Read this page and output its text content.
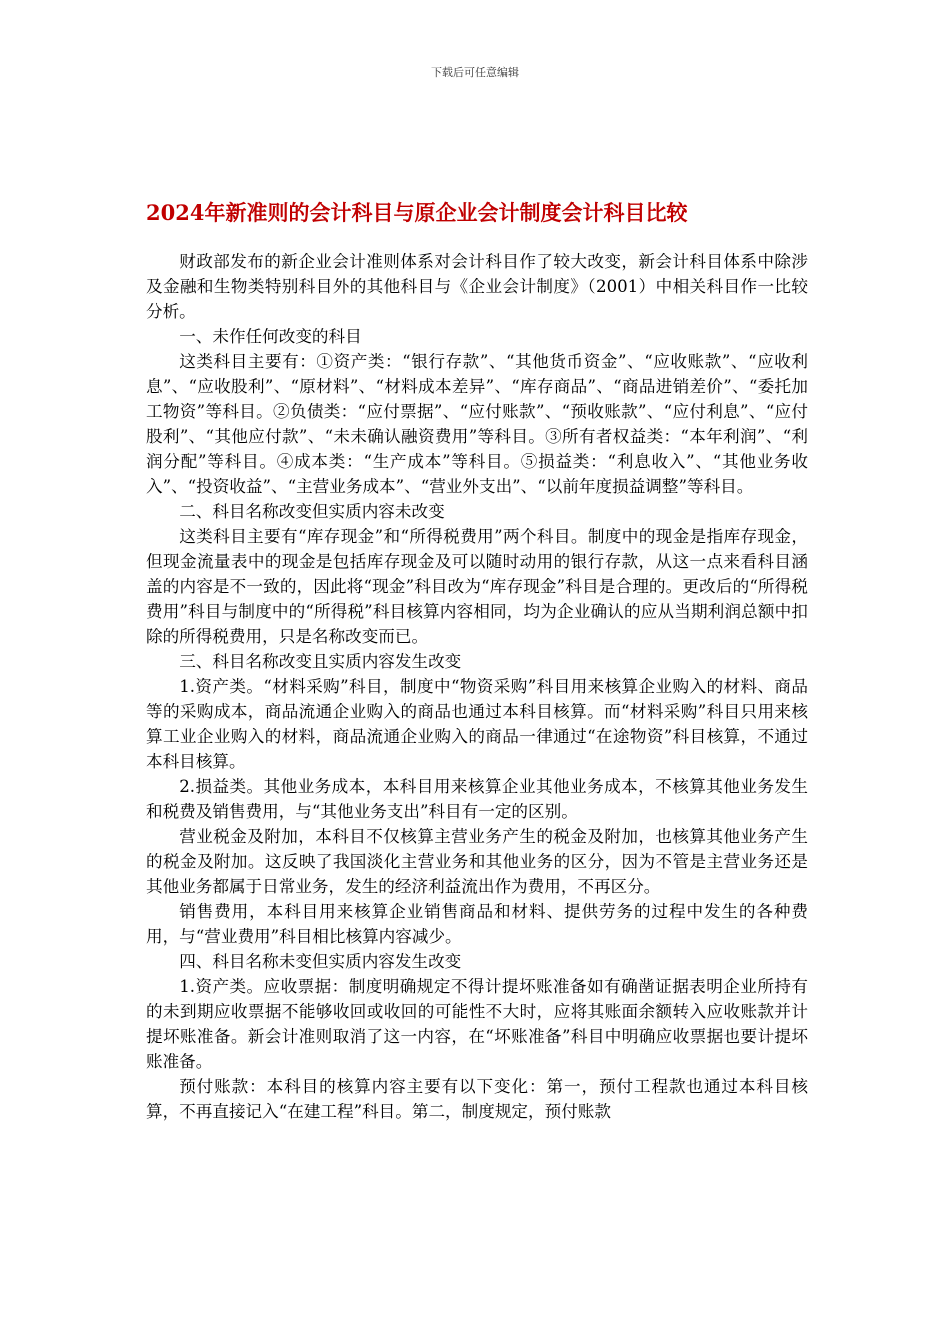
下载后可任意编辑
2024年新准则的会计科目与原企业会计制度会计科目比较

财政部发布的新企业会计准则体系对会计科目作了较大改变，新会计科目体系中除涉及金融和生物类特别科目外的其他科目与《企业会计制度》（2001）中相关科目作一比较分析。

一、未作任何改变的科目

这类科目主要有：①资产类：“银行存款”、“其他货币资金”、“应收账款”、“应收利息”、“应收股利”、“原材料”、“材料成本差异”、“库存商品”、“商品进销差价”、“委托加工物资”等科目。②负债类：“应付票据”、“应付账款”、“预收账款”、“应付利息”、“应付股利”、“其他应付款”、“未未确认融资费用”等科目。③所有者权益类：“本年利润”、“利润分配”等科目。④成本类：“生产成本”等科目。⑤损益类：“利息收入”、“其他业务收入”、“投资收益”、“主营业务成本”、“营业外支出”、“以前年度损益调整”等科目。

二、科目名称改变但实质内容未改变

这类科目主要有“库存现金”和“所得税费用”两个科目。制度中的现金是指库存现金，但现金流量表中的现金是包括库存现金及可以随时动用的银行存款，从这一点来看科目涵盖的内容是不一致的，因此将“现金”科目改为“库存现金”科目是合理的。更改后的“所得税费用”科目与制度中的“所得税”科目核算内容相同，均为企业确认的应从当期利润总额中扣除的所得税费用，只是名称改变而已。

三、科目名称改变且实质内容发生改变

1.资产类。“材料采购”科目，制度中“物资采购”科目用来核算企业购入的材料、商品等的采购成本，商品流通企业购入的商品也通过本科目核算。而“材料采购”科目只用来核算工业企业购入的材料，商品流通企业购入的商品一律通过“在途物资”科目核算，不通过本科目核算。

2.损益类。其他业务成本，本科目用来核算企业其他业务成本，不核算其他业务发生和税费及销售费用，与“其他业务支出”科目有一定的区别。

营业税金及附加，本科目不仅核算主营业务产生的税金及附加，也核算其他业务产生的税金及附加。这反映了我国淡化主营业务和其他业务的区分，因为不管是主营业务还是其他业务都属于日常业务，发生的经济利益流出作为费用，不再区分。

销售费用，本科目用来核算企业销售商品和材料、提供劳务的过程中发生的各种费用，与“营业费用”科目相比核算内容减少。

四、科目名称未变但实质内容发生改变

1.资产类。应收票据：制度明确规定不得计提坏账准备如有确凿证据表明企业所持有的未到期应收票据不能够收回或收回的可能性不大时，应将其账面余额转入应收账款并计提坏账准备。新会计准则取消了这一内容，在“坏账准备”科目中明确应收票据也要计提坏账准备。

预付账款：本科目的核算内容主要有以下变化：第一，预付工程款也通过本科目核算，不再直接记入“在建工程”科目。第二，制度规定，预付账款
